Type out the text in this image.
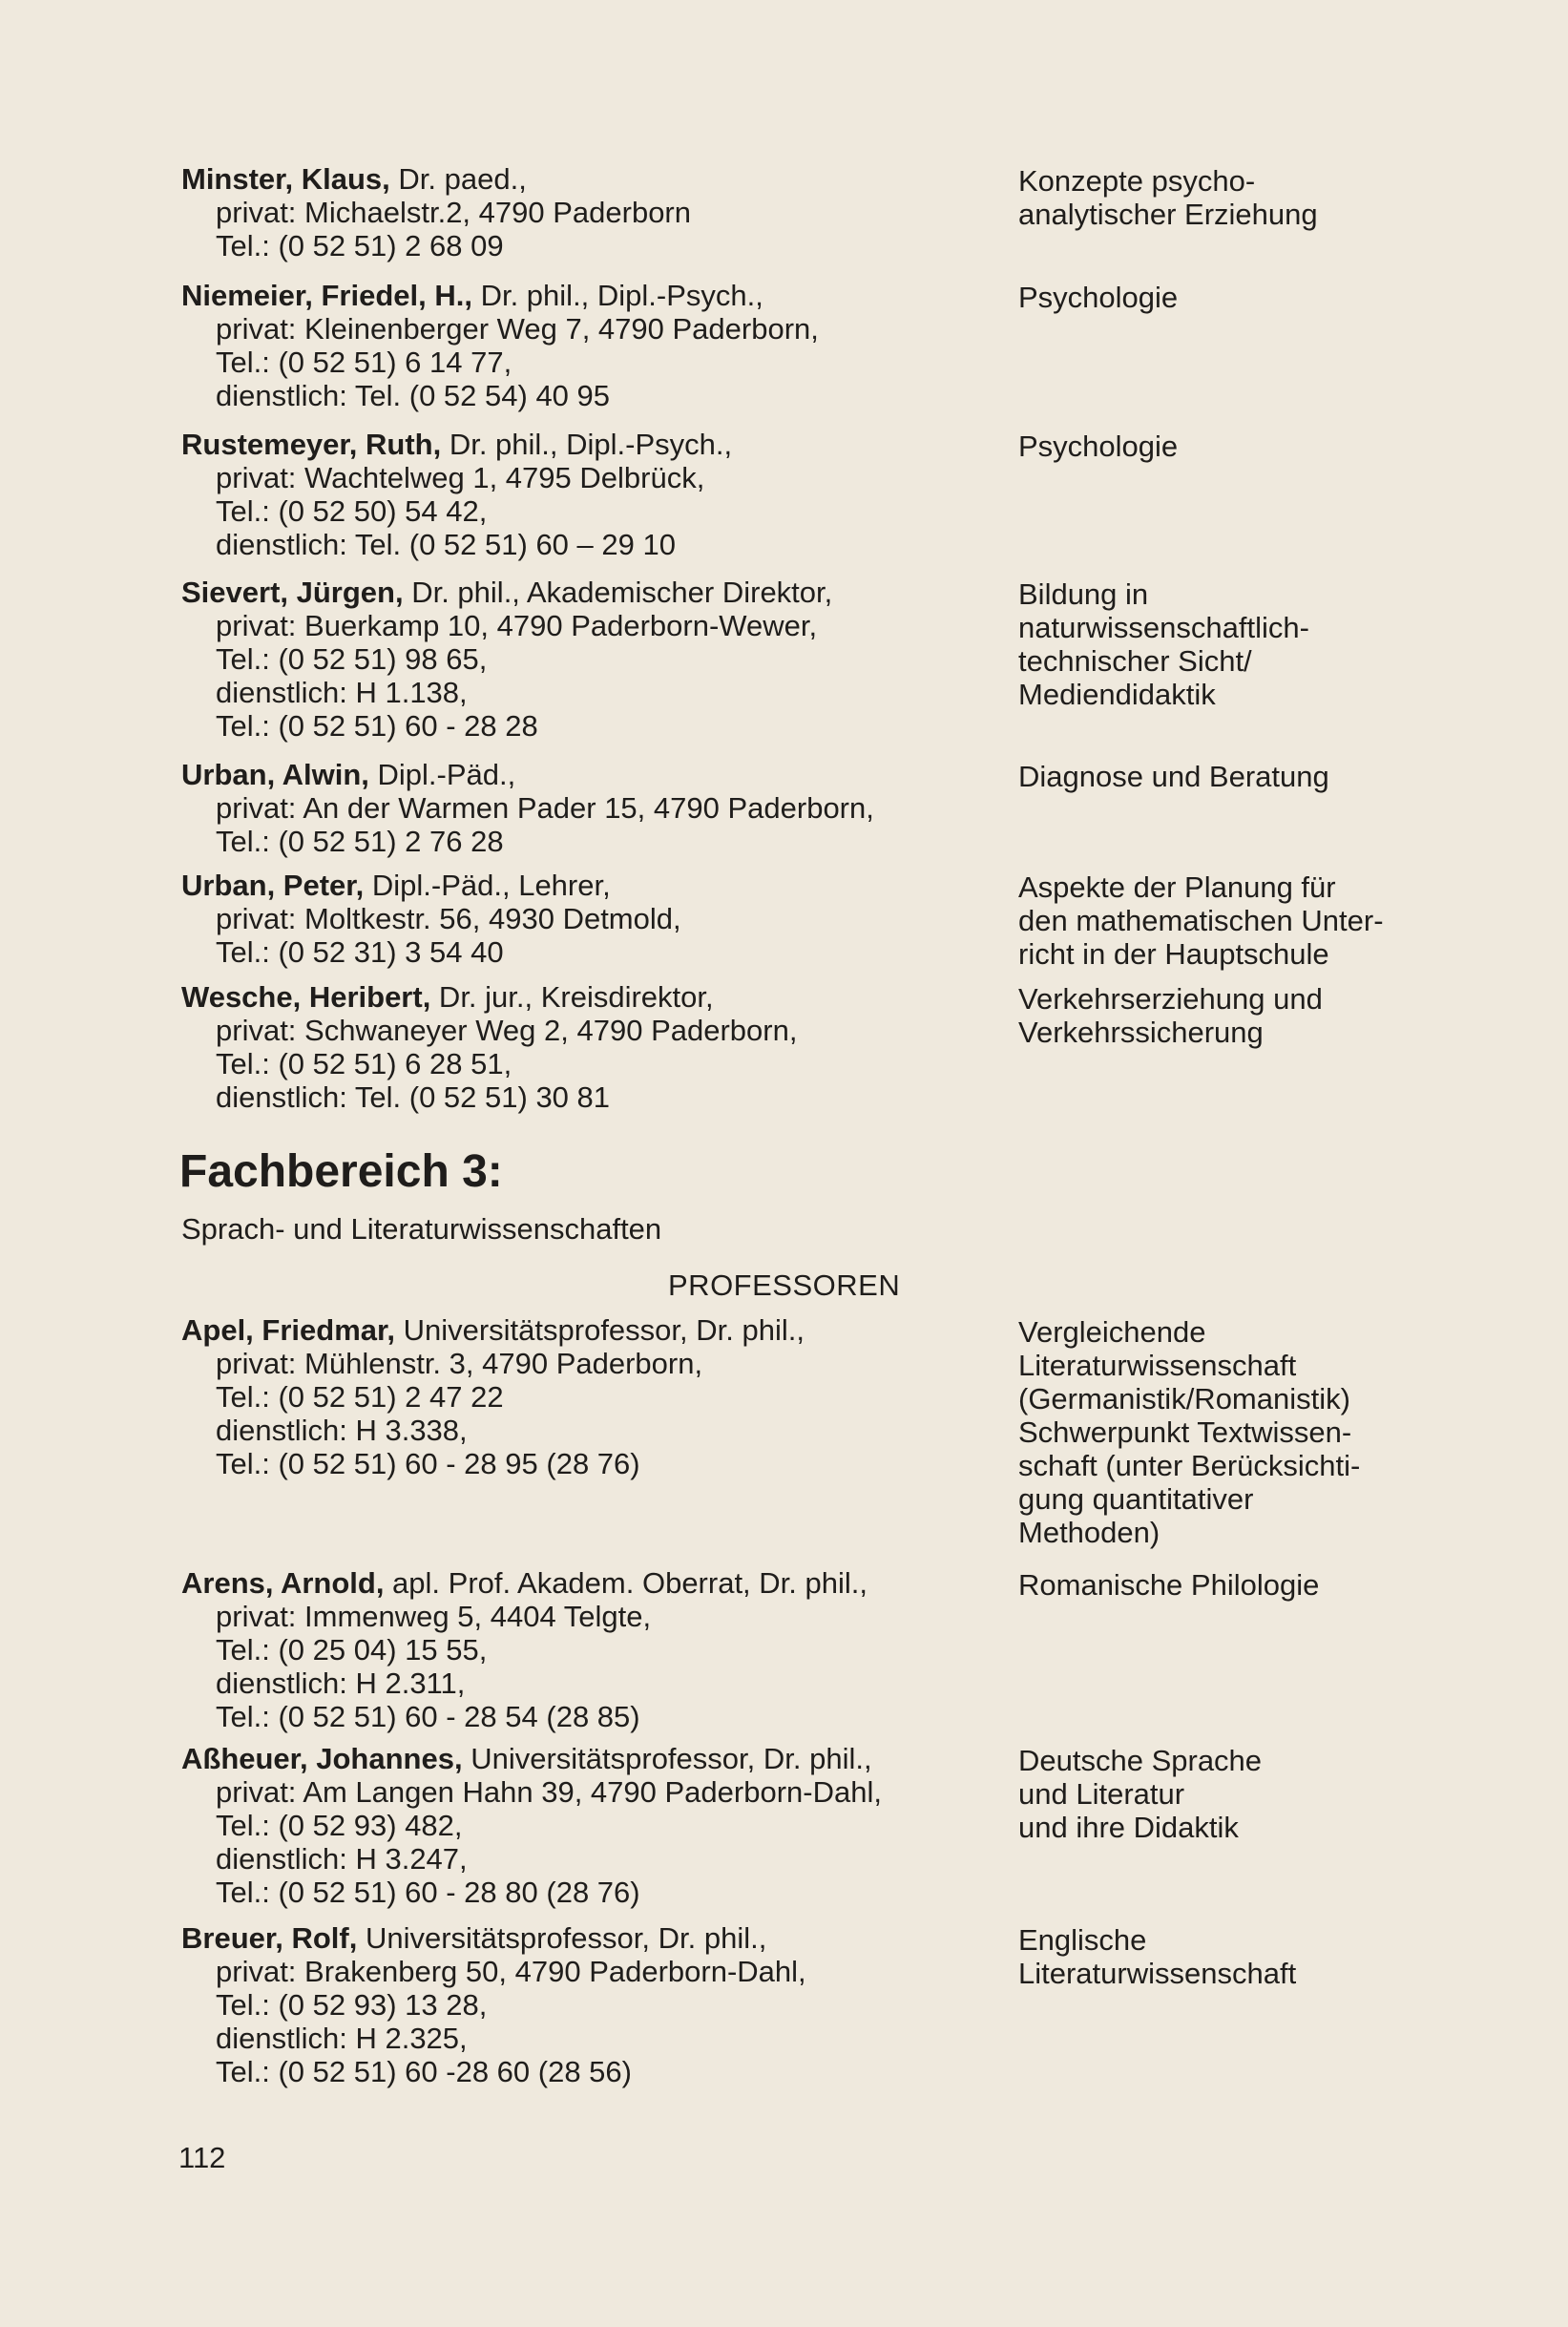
Minster, Klaus, Dr. paed.,
privat: Michaelstr.2, 4790 Paderborn
Tel.: (0 52 51) 2 68 09
Konzepte psycho-
analytischer Erziehung
Niemeier, Friedel, H., Dr. phil., Dipl.-Psych.,
privat: Kleinenberger Weg 7, 4790 Paderborn,
Tel.: (0 52 51) 6 14 77,
dienstlich: Tel. (0 52 54) 40 95
Psychologie
Rustemeyer, Ruth, Dr. phil., Dipl.-Psych.,
privat: Wachtelweg 1, 4795 Delbrück,
Tel.: (0 52 50) 54 42,
dienstlich: Tel. (0 52 51) 60 – 29 10
Psychologie
Sievert, Jürgen, Dr. phil., Akademischer Direktor,
privat: Buerkamp 10, 4790 Paderborn-Wewer,
Tel.: (0 52 51) 98 65,
dienstlich: H 1.138,
Tel.: (0 52 51) 60 - 28 28
Bildung in
naturwissenschaftlich-
technischer Sicht/
Mediendidaktik
Urban, Alwin, Dipl.-Päd.,
privat: An der Warmen Pader 15, 4790 Paderborn,
Tel.: (0 52 51) 2 76 28
Diagnose und Beratung
Urban, Peter, Dipl.-Päd., Lehrer,
privat: Moltkestr. 56, 4930 Detmold,
Tel.: (0 52 31) 3 54 40
Aspekte der Planung für
den mathematischen Unter-
richt in der Hauptschule
Wesche, Heribert, Dr. jur., Kreisdirektor,
privat: Schwaneyer Weg 2, 4790 Paderborn,
Tel.: (0 52 51) 6 28 51,
dienstlich: Tel. (0 52 51) 30 81
Verkehrserziehung und
Verkehrssicherung
Fachbereich 3:
Sprach- und Literaturwissenschaften
PROFESSOREN
Apel, Friedmar, Universitätsprofessor, Dr. phil.,
privat: Mühlenstr. 3, 4790 Paderborn,
Tel.: (0 52 51) 2 47 22
dienstlich: H 3.338,
Tel.: (0 52 51) 60 - 28 95 (28 76)
Vergleichende
Literaturwissenschaft
(Germanistik/Romanistik)
Schwerpunkt Textwissen-
schaft (unter Berücksichti-
gung quantitativer
Methoden)
Arens, Arnold, apl. Prof. Akadem. Oberrat, Dr. phil.,
privat: Immenweg 5, 4404 Telgte,
Tel.: (0 25 04) 15 55,
dienstlich: H 2.311,
Tel.: (0 52 51) 60 - 28 54 (28 85)
Romanische Philologie
Aßheuer, Johannes, Universitätsprofessor, Dr. phil.,
privat: Am Langen Hahn 39, 4790 Paderborn-Dahl,
Tel.: (0 52 93) 482,
dienstlich: H 3.247,
Tel.: (0 52 51) 60 - 28 80 (28 76)
Deutsche Sprache
und Literatur
und ihre Didaktik
Breuer, Rolf, Universitätsprofessor, Dr. phil.,
privat: Brakenberg 50, 4790 Paderborn-Dahl,
Tel.: (0 52 93) 13 28,
dienstlich: H 2.325,
Tel.: (0 52 51) 60 -28 60 (28 56)
Englische
Literaturwissenschaft
112
